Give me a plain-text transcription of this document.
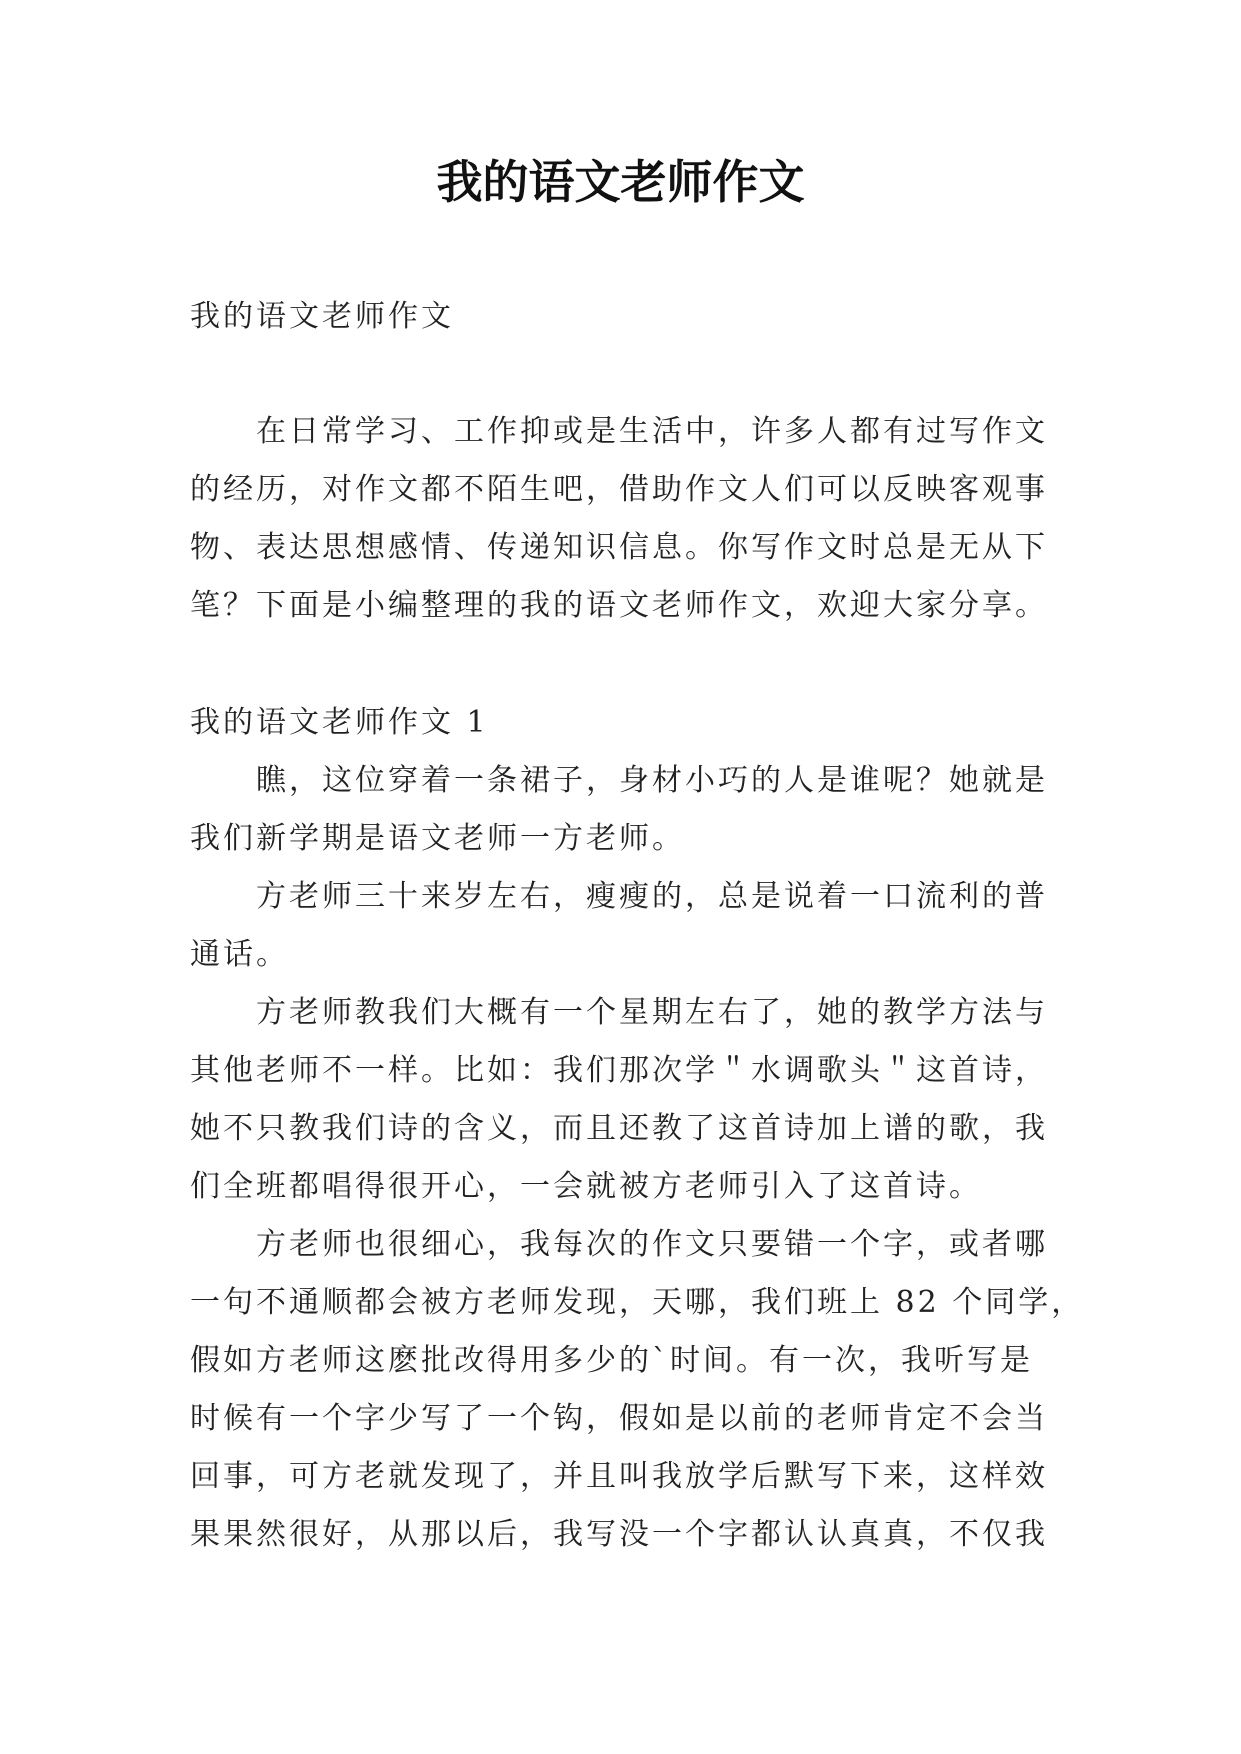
我的语文老师作文
我的语文老师作文
在日常学习、工作抑或是生活中，许多人都有过写作文
的经历，对作文都不陌生吧，借助作文人们可以反映客观事
物、表达思想感情、传递知识信息。你写作文时总是无从下
笔？下面是小编整理的我的语文老师作文，欢迎大家分享。
我的语文老师作文 1
瞧，这位穿着一条裙子，身材小巧的人是谁呢？她就是
我们新学期是语文老师一方老师。
方老师三十来岁左右，瘦瘦的，总是说着一口流利的普
通话。
方老师教我们大概有一个星期左右了，她的教学方法与
其他老师不一样。比如：我们那次学＂水调歌头＂这首诗，
她不只教我们诗的含义，而且还教了这首诗加上谱的歌，我
们全班都唱得很开心，一会就被方老师引入了这首诗。
方老师也很细心，我每次的作文只要错一个字，或者哪
一句不通顺都会被方老师发现，天哪，我们班上 82 个同学，
假如方老师这麽批改得用多少的`时间。有一次，我听写是
时候有一个字少写了一个钩，假如是以前的老师肯定不会当
回事，可方老就发现了，并且叫我放学后默写下来，这样效
果果然很好，从那以后，我写没一个字都认认真真，不仅我
